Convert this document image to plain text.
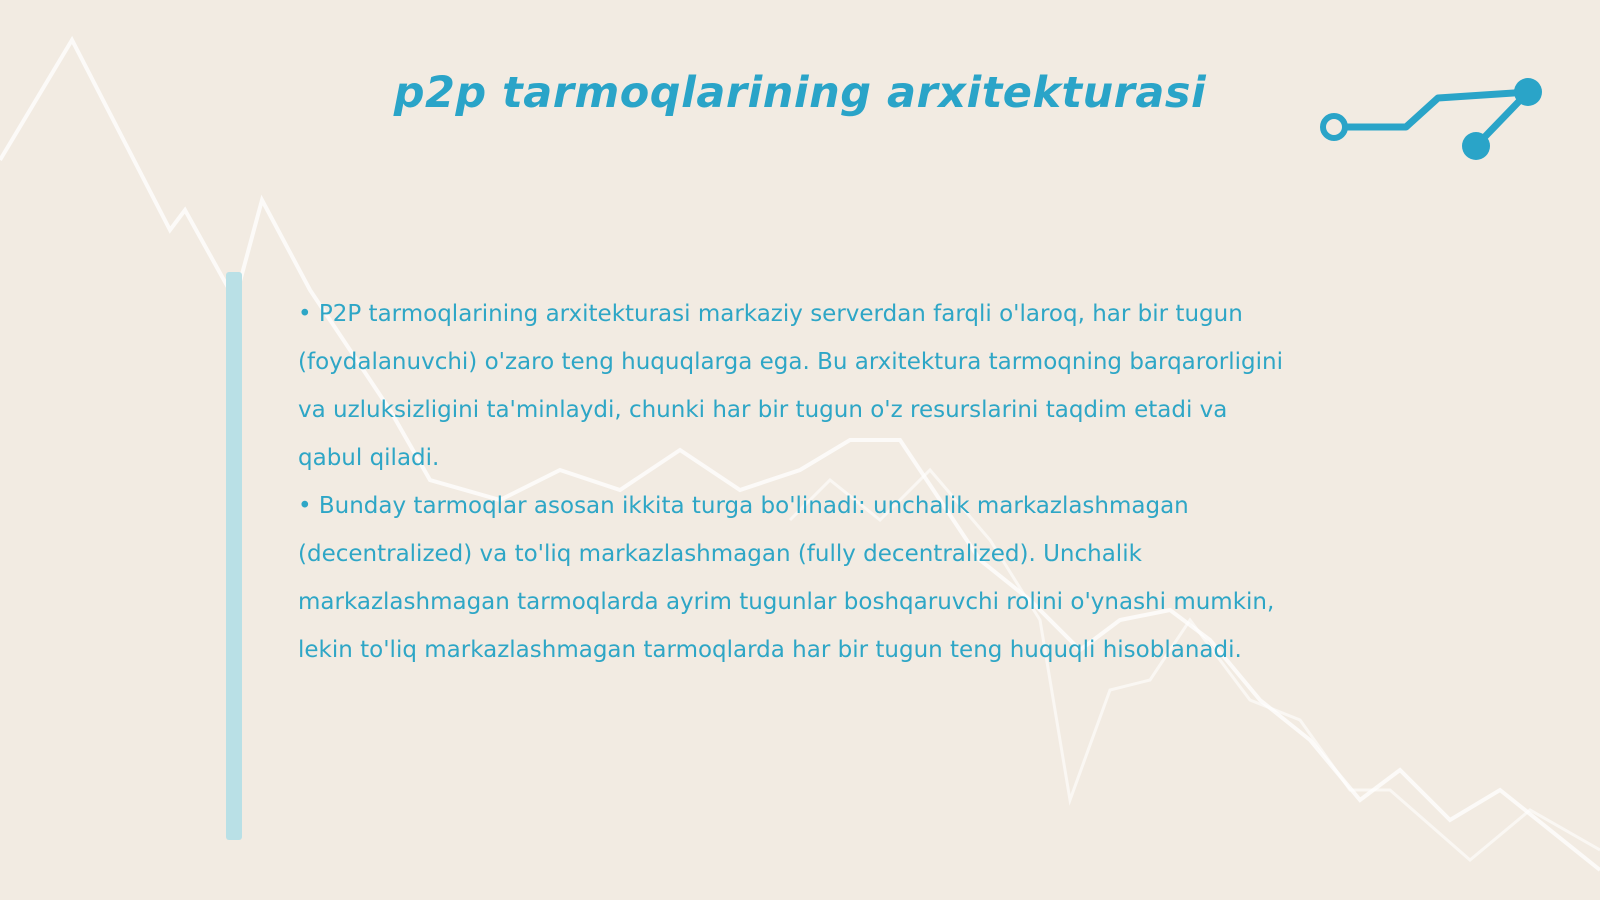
p2p tarmoqlarining arxitekturasi

• P2P tarmoqlarining arxitekturasi markaziy serverdan farqli o'laroq, har bir tugun (foydalanuvchi) o'zaro teng huquqlarga ega. Bu arxitektura tarmoqning barqarorligini va uzluksizligini ta'minlaydi, chunki har bir tugun o'z resurslarini taqdim etadi va qabul qiladi.

• Bunday tarmoqlar asosan ikkita turga bo'linadi: unchalik markazlashmagan (decentralized) va to'liq markazlashmagan (fully decentralized). Unchalik markazlashmagan tarmoqlarda ayrim tugunlar boshqaruvchi rolini o'ynashi mumkin, lekin to'liq markazlashmagan tarmoqlarda har bir tugun teng huquqli hisoblanadi.
